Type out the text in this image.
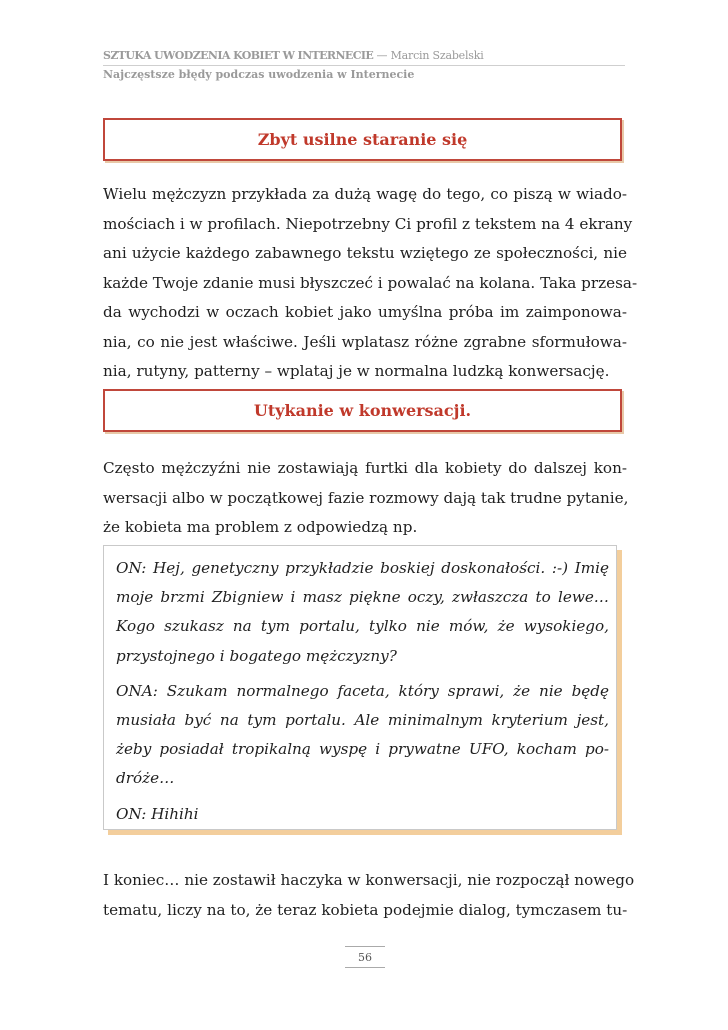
SZTUKA UWODZENIA KOBIET W INTERNECIE — Marcin Szabelski
Najczęstsze błędy podczas uwodzenia w Internecie
Zbyt usilne staranie się

Wielu mężczyzn przykłada za dużą wagę do tego, co piszą w wiado-
mościach i w profilach. Niepotrzebny Ci profil z tekstem na 4 ekrany
ani użycie każdego zabawnego tekstu wziętego ze społeczności, nie
każde Twoje zdanie musi błyszczeć i powalać na kolana. Taka przesa-
da wychodzi w oczach kobiet jako umyślna próba im zaimponowa-
nia, co nie jest właściwe. Jeśli wplatasz różne zgrabne sformułowa-
nia, rutyny, patterny – wplataj je w normalna ludzką konwersację.

Utykanie w konwersacji.

Często mężczyźni nie zostawiają furtki dla kobiety do dalszej kon-
wersacji albo w początkowej fazie rozmowy dają tak trudne pytanie,
że kobieta ma problem z odpowiedzą np.

ON: Hej, genetyczny przykładzie boskiej doskonałości. :-) Imię
moje brzmi Zbigniew i masz piękne oczy, zwłaszcza to lewe…
Kogo szukasz na tym portalu, tylko nie mów, że wysokiego,
przystojnego i bogatego mężczyzny?
ONA: Szukam normalnego faceta, który sprawi, że nie będę
musiała być na tym portalu. Ale minimalnym kryterium jest,
żeby posiadał tropikalną wyspę i prywatne UFO, kocham po-
dróże…
ON: Hihihi

I koniec… nie zostawił haczyka w konwersacji, nie rozpoczął nowego
tematu, liczy na to, że teraz kobieta podejmie dialog, tymczasem tu-

56
